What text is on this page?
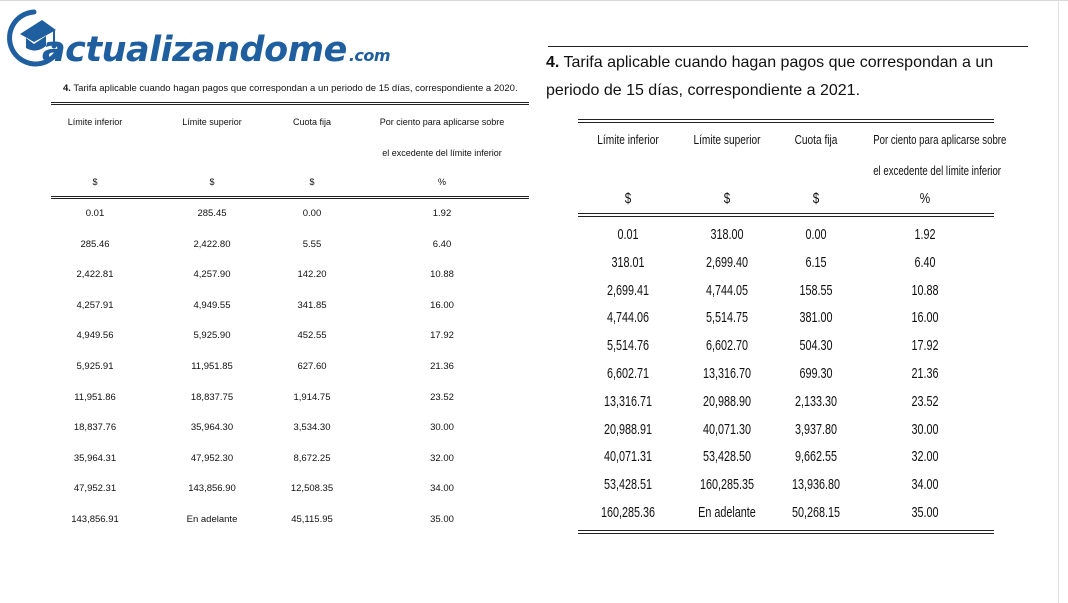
actualizandome .com
4. Tarifa aplicable cuando hagan pagos que correspondan a un periodo de 15 días, correspondiente a 2020.
Límite inferior	Límite superior	Cuota fija	Por ciento para aplicarse sobre
el excedente del límite inferior
$	$	$	%
0.01	285.45	0.00	1.92
285.46	2,422.80	5.55	6.40
2,422.81	4,257.90	142.20	10.88
4,257.91	4,949.55	341.85	16.00
4,949.56	5,925.90	452.55	17.92
5,925.91	11,951.85	627.60	21.36
11,951.86	18,837.75	1,914.75	23.52
18,837.76	35,964.30	3,534.30	30.00
35,964.31	47,952.30	8,672.25	32.00
47,952.31	143,856.90	12,508.35	34.00
143,856.91	En adelante	45,115.95	35.00
4. Tarifa aplicable cuando hagan pagos que correspondan a un periodo de 15 días, correspondiente a 2021.
Límite inferior	Límite superior	Cuota fija	Por ciento para aplicarse sobre
el excedente del límite inferior
$	$	$	%
0.01	318.00	0.00	1.92
318.01	2,699.40	6.15	6.40
2,699.41	4,744.05	158.55	10.88
4,744.06	5,514.75	381.00	16.00
5,514.76	6,602.70	504.30	17.92
6,602.71	13,316.70	699.30	21.36
13,316.71	20,988.90	2,133.30	23.52
20,988.91	40,071.30	3,937.80	30.00
40,071.31	53,428.50	9,662.55	32.00
53,428.51	160,285.35	13,936.80	34.00
160,285.36	En adelante	50,268.15	35.00
